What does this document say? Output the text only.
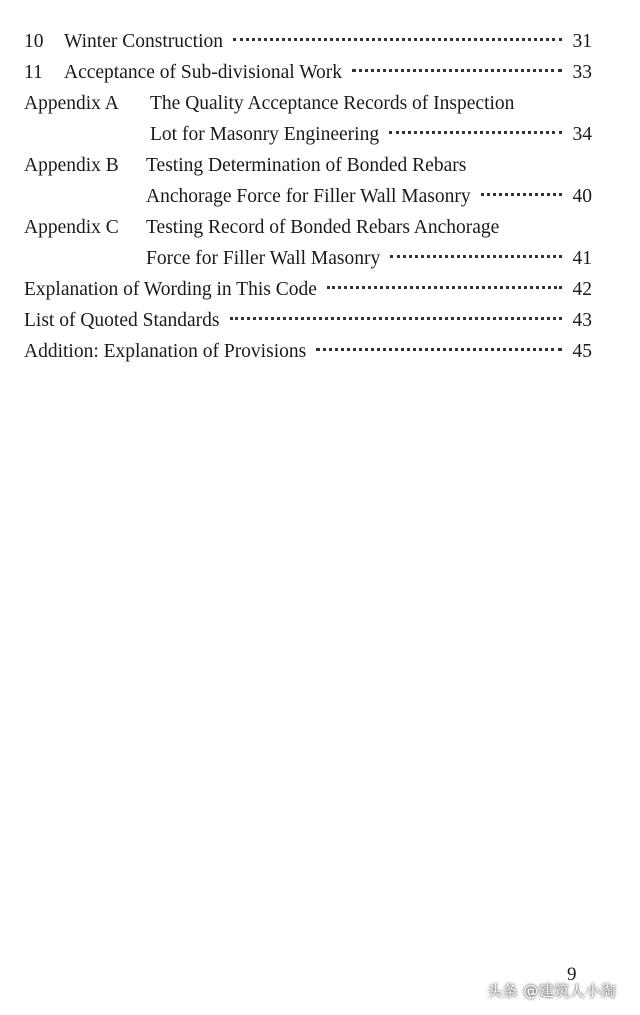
10	Winter Construction	31
11	Acceptance of Sub-divisional Work	33
Appendix A	The Quality Acceptance Records of Inspection
Lot for Masonry Engineering	34
Appendix B	Testing Determination of Bonded Rebars
Anchorage Force for Filler Wall Masonry	40
Appendix C	Testing Record of Bonded Rebars Anchorage
Force for Filler Wall Masonry	41
Explanation of Wording in This Code	42
List of Quoted Standards	43
Addition: Explanation of Provisions	45
9
头条 @建筑人小淘
